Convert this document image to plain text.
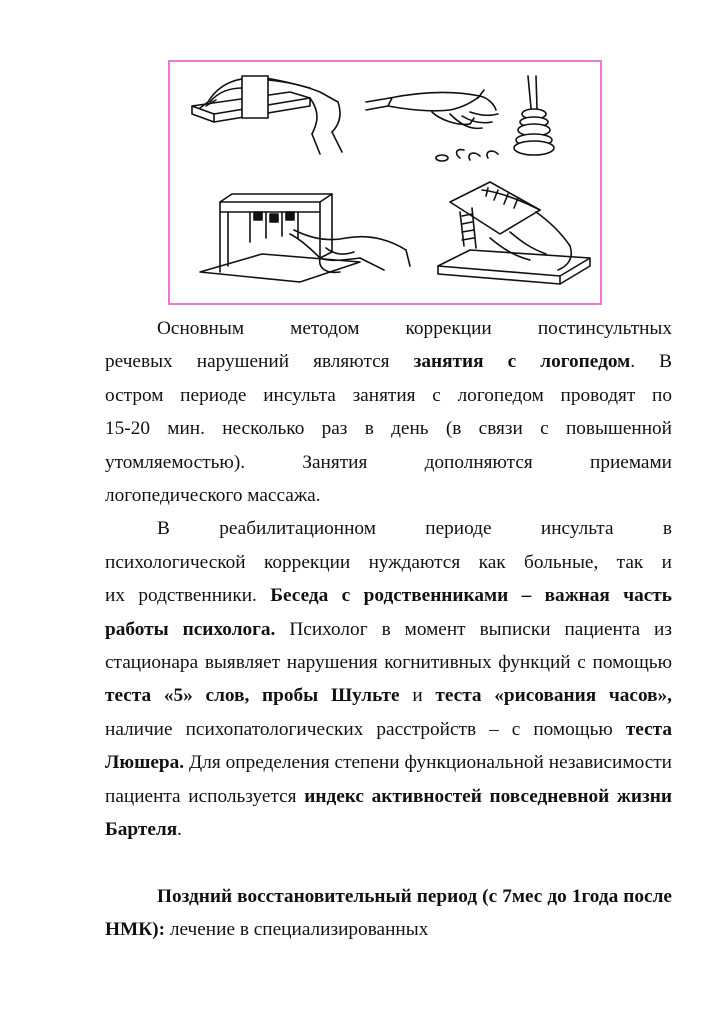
Основным методом коррекции постинсультных

речевых нарушений являются занятия с логопедом. В

остром периоде инсульта занятия с логопедом проводят по

15-20 мин. несколько раз в день (в связи с повышенной

утомляемостью). Занятия дополняются приемами

логопедического массажа.

В реабилитационном периоде инсульта в

психологической коррекции нуждаются как больные, так и

их родственники. Беседа с родственниками – важная часть работы психолога. Психолог в момент выписки пациента из стационара выявляет нарушения когнитивных функций с помощью теста «5» слов, пробы Шульте и теста «рисования часов», наличие психопатологических расстройств – с помощью теста Люшера. Для определения степени функциональной независимости пациента используется индекс активностей повседневной жизни Бартеля.

Поздний восстановительный период (с 7мес до 1года после НМК): лечение в специализированных
